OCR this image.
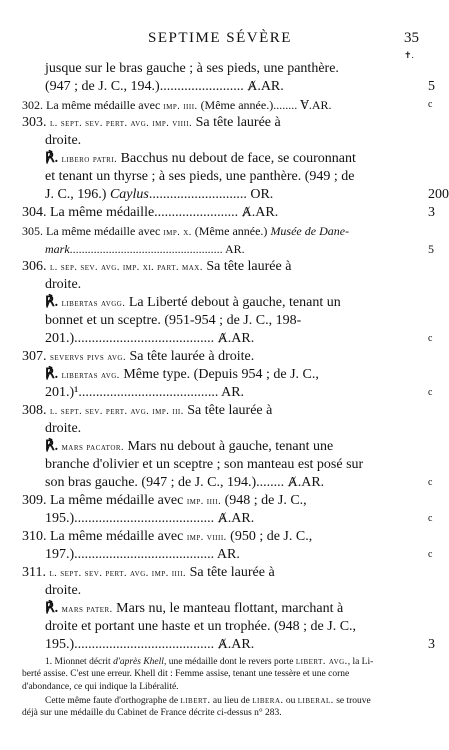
SEPTIME SÉVÈRE	35
✝.
jusque sur le bras gauche ; à ses pieds, une panthère.
(947 ; de J. C., 194.)........................ Ⱥ.AR.	5
302. La même médaille avec imp. iiii. (Même année.)........ Ɐ.AR.	c
303. l. sept. sev. pert. avg. imp. viiii. Sa tête laurée à
droite.
℟. libero patri. Bacchus nu debout de face, se couronnant
et tenant un thyrse ; à ses pieds, une panthère. (949 ; de
J. C., 196.) Caylus............................ OR.	200
304. La même médaille........................ Ⱥ.AR.	3
305. La même médaille avec imp. x. (Même année.) Musée de Dane-
mark................................................... AR.	5
306. l. sep. sev. avg. imp. xi. part. max. Sa tête laurée à
droite.
℟. libertas avgg. La Liberté debout à gauche, tenant un
bonnet et un sceptre. (951-954 ; de J. C., 198-
201.)........................................ Ⱥ.AR.	c
307. severvs pivs avg. Sa tête laurée à droite.
℟. libertas avg. Même type. (Depuis 954 ; de J. C.,
201.)¹........................................ AR.	c
308. l. sept. sev. pert. avg. imp. iii. Sa tête laurée à
droite.
℟. mars pacator. Mars nu debout à gauche, tenant une
branche d'olivier et un sceptre ; son manteau est posé sur
son bras gauche. (947 ; de J. C., 194.)........ Ⱥ.AR.	c
309. La même médaille avec imp. iiii. (948 ; de J. C.,
195.)........................................ Ⱥ.AR.	c
310. La même médaille avec imp. viiii. (950 ; de J. C.,
197.)........................................ AR.	c
311. l. sept. sev. pert. avg. imp. iiii. Sa tête laurée à
droite.
℟. mars pater. Mars nu, le manteau flottant, marchant à
droite et portant une haste et un trophée. (948 ; de J. C.,
195.)........................................ Ⱥ.AR.	3
1. Mionnet décrit d'après Khell, une médaille dont le revers porte libert. avg., la Li-
berté assise. C'est une erreur. Khell dit : Femme assise, tenant une tessère et une corne
d'abondance, ce qui indique la Libéralité.
Cette même faute d'orthographe de libert. au lieu de libera. ou liberal. se trouve
déjà sur une médaille du Cabinet de France décrite ci-dessus n° 283.
